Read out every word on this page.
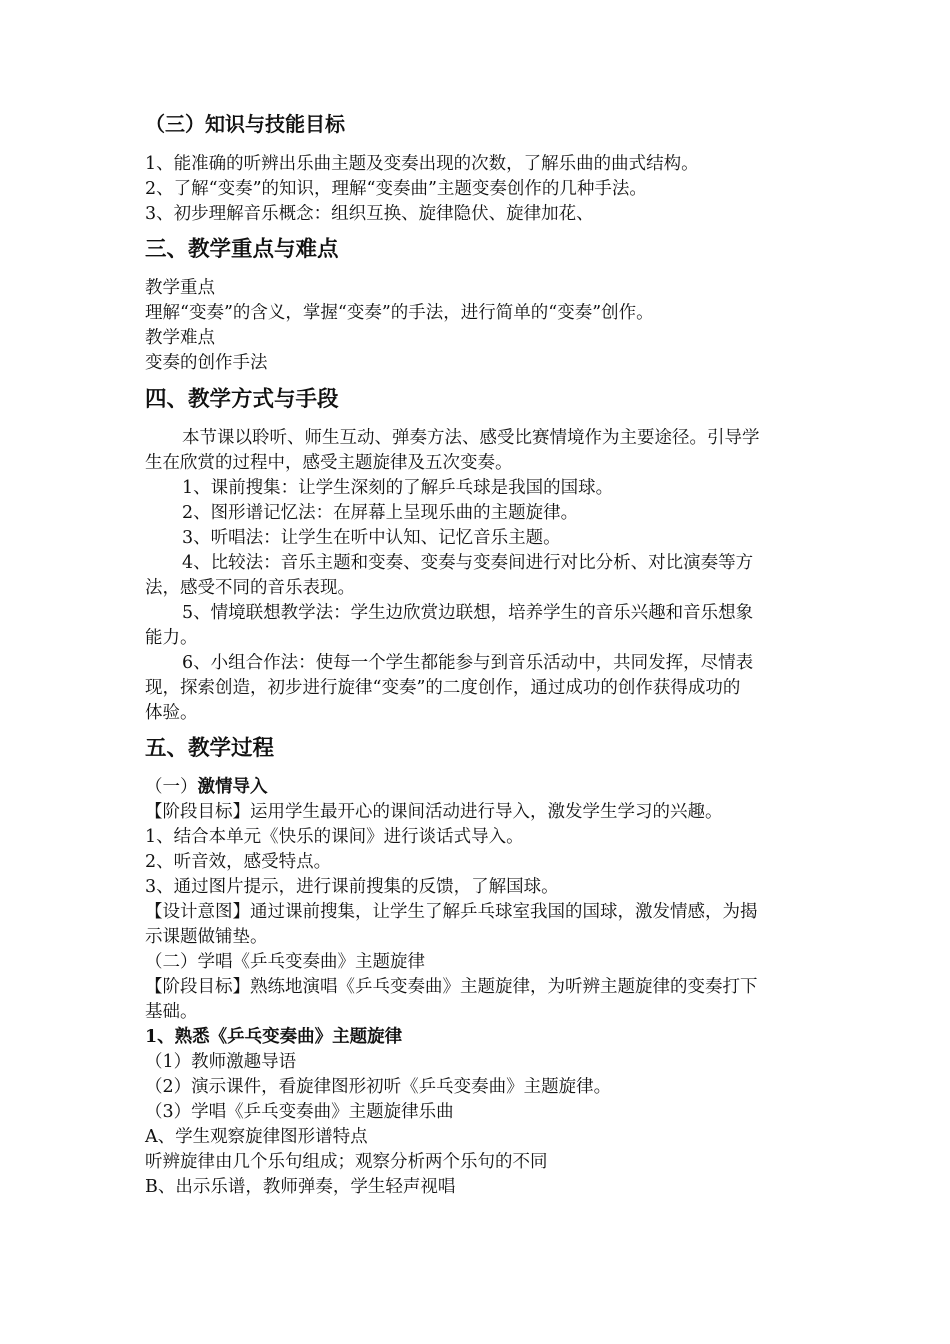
（三）知识与技能目标
1、能准确的听辨出乐曲主题及变奏出现的次数，了解乐曲的曲式结构。
2、了解“变奏”的知识，理解“变奏曲”主题变奏创作的几种手法。
3、初步理解音乐概念：组织互换、旋律隐伏、旋律加花、
三、教学重点与难点
教学重点
理解“变奏”的含义，掌握“变奏”的手法，进行简单的“变奏”创作。
教学难点
变奏的创作手法
四、教学方式与手段
本节课以聆听、师生互动、弹奏方法、感受比赛情境作为主要途径。引导学
生在欣赏的过程中，感受主题旋律及五次变奏。
1、课前搜集：让学生深刻的了解乒乓球是我国的国球。
2、图形谱记忆法：在屏幕上呈现乐曲的主题旋律。
3、听唱法：让学生在听中认知、记忆音乐主题。
4、比较法：音乐主题和变奏、变奏与变奏间进行对比分析、对比演奏等方
法，感受不同的音乐表现。
5、情境联想教学法：学生边欣赏边联想，培养学生的音乐兴趣和音乐想象
能力。
6、小组合作法：使每一个学生都能参与到音乐活动中，共同发挥，尽情表
现，探索创造，初步进行旋律“变奏”的二度创作，通过成功的创作获得成功的
体验。
五、教学过程
（一）激情导入
【阶段目标】运用学生最开心的课间活动进行导入，激发学生学习的兴趣。
1、结合本单元《快乐的课间》进行谈话式导入。
2、听音效，感受特点。
3、通过图片提示，进行课前搜集的反馈，了解国球。
【设计意图】通过课前搜集，让学生了解乒乓球室我国的国球，激发情感，为揭
示课题做铺垫。
（二）学唱《乒乓变奏曲》主题旋律
【阶段目标】熟练地演唱《乒乓变奏曲》主题旋律，为听辨主题旋律的变奏打下
基础。
1、熟悉《乒乓变奏曲》主题旋律
（1）教师激趣导语
（2）演示课件，看旋律图形初听《乒乓变奏曲》主题旋律。
（3）学唱《乒乓变奏曲》主题旋律乐曲
A、学生观察旋律图形谱特点
听辨旋律由几个乐句组成；观察分析两个乐句的不同
B、出示乐谱，教师弹奏，学生轻声视唱
